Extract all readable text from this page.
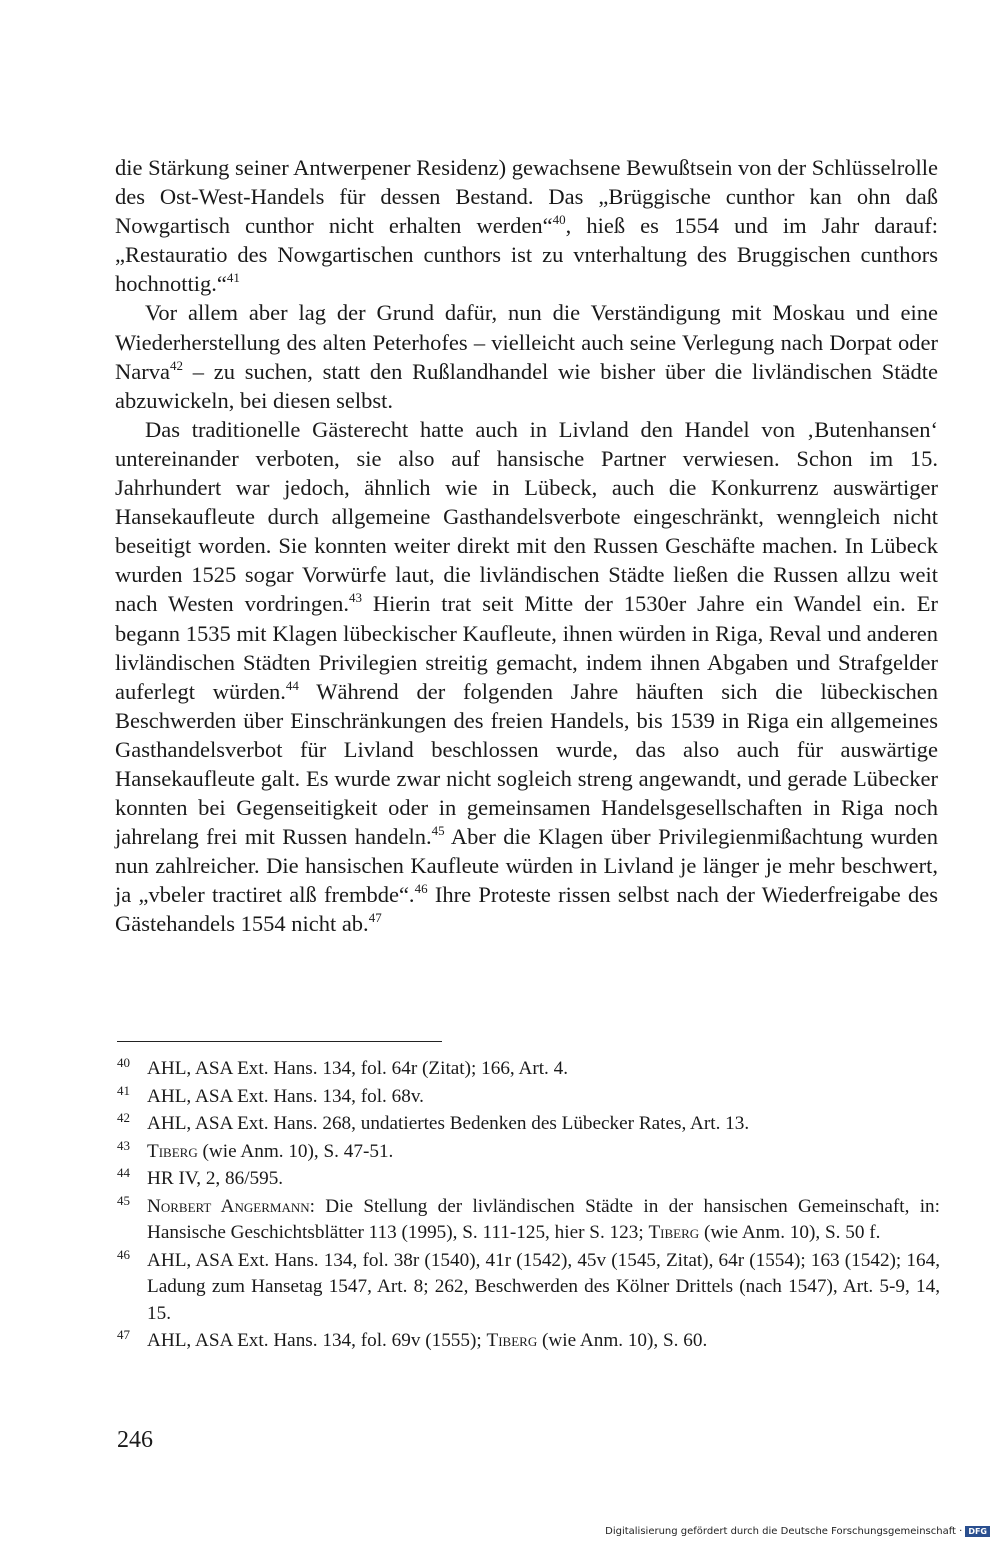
die Stärkung seiner Antwerpener Residenz) gewachsene Bewußtsein von der Schlüsselrolle des Ost-West-Handels für dessen Bestand. Das „Brüggische cunthor kan ohn daß Nowgartisch cunthor nicht erhalten werden“$^{40}$, hieß es 1554 und im Jahr darauf: „Restauratio des Nowgartischen cunthors ist zu vnterhaltung des Bruggischen cunthors hochnottig.“$^{41}$

Vor allem aber lag der Grund dafür, nun die Verständigung mit Moskau und eine Wiederherstellung des alten Peterhofes – vielleicht auch seine Verlegung nach Dorpat oder Narva$^{42}$ – zu suchen, statt den Rußlandhandel wie bisher über die livländischen Städte abzuwickeln, bei diesen selbst.

Das traditionelle Gästerecht hatte auch in Livland den Handel von ‚Butenhansen‘ untereinander verboten, sie also auf hansische Partner verwiesen. Schon im 15. Jahrhundert war jedoch, ähnlich wie in Lübeck, auch die Konkurrenz auswärtiger Hansekaufleute durch allgemeine Gasthandelsverbote eingeschränkt, wenngleich nicht beseitigt worden. Sie konnten weiter direkt mit den Russen Geschäfte machen. In Lübeck wurden 1525 sogar Vorwürfe laut, die livländischen Städte ließen die Russen allzu weit nach Westen vordringen.$^{43}$ Hierin trat seit Mitte der 1530er Jahre ein Wandel ein. Er begann 1535 mit Klagen lübeckischer Kaufleute, ihnen würden in Riga, Reval und anderen livländischen Städten Privilegien streitig gemacht, indem ihnen Abgaben und Strafgelder auferlegt würden.$^{44}$ Während der folgenden Jahre häuften sich die lübeckischen Beschwerden über Einschränkungen des freien Handels, bis 1539 in Riga ein allgemeines Gasthandelsverbot für Livland beschlossen wurde, das also auch für auswärtige Hansekaufleute galt. Es wurde zwar nicht sogleich streng angewandt, und gerade Lübecker konnten bei Gegenseitigkeit oder in gemeinsamen Handelsgesellschaften in Riga noch jahrelang frei mit Russen handeln.$^{45}$ Aber die Klagen über Privilegienmißachtung wurden nun zahlreicher. Die hansischen Kaufleute würden in Livland je länger je mehr beschwert, ja „vbeler tractiret alß frembde“.$^{46}$ Ihre Proteste rissen selbst nach der Wiederfreigabe des Gästehandels 1554 nicht ab.$^{47}$

40 AHL, ASA Ext. Hans. 134, fol. 64r (Zitat); 166, Art. 4.
41 AHL, ASA Ext. Hans. 134, fol. 68v.
42 AHL, ASA Ext. Hans. 268, undatiertes Bedenken des Lübecker Rates, Art. 13.
43 Tiberg (wie Anm. 10), S. 47-51.
44 HR IV, 2, 86/595.
45 Norbert Angermann: Die Stellung der livländischen Städte in der hansischen Gemeinschaft, in: Hansische Geschichtsblätter 113 (1995), S. 111-125, hier S. 123; Tiberg (wie Anm. 10), S. 50 f.
46 AHL, ASA Ext. Hans. 134, fol. 38r (1540), 41r (1542), 45v (1545, Zitat), 64r (1554); 163 (1542); 164, Ladung zum Hansetag 1547, Art. 8; 262, Beschwerden des Kölner Drittels (nach 1547), Art. 5-9, 14, 15.
47 AHL, ASA Ext. Hans. 134, fol. 69v (1555); Tiberg (wie Anm. 10), S. 60.
246
Digitalisierung gefördert durch die Deutsche Forschungsgemeinschaft · DFG
